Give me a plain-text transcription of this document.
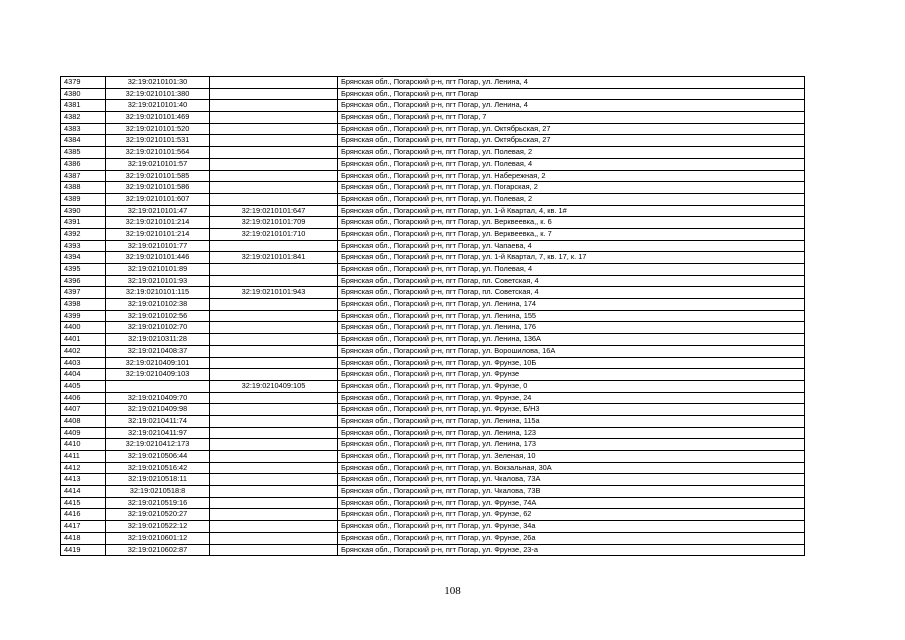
4379	32:19:0210101:30		Брянская обл., Погарский р-н, пгт Погар, ул. Ленина, 4
4380	32:19:0210101:380		Брянская обл., Погарский р-н, пгт Погар
4381	32:19:0210101:40		Брянская обл., Погарский р-н, пгт Погар, ул. Ленина, 4
4382	32:19:0210101:469		Брянская обл., Погарский р-н, пгт Погар, 7
4383	32:19:0210101:520		Брянская обл., Погарский р-н, пгт Погар, ул. Октябрьская, 27
4384	32:19:0210101:531		Брянская обл., Погарский р-н, пгт Погар, ул. Октябрьская, 27
4385	32:19:0210101:564		Брянская обл., Погарский р-н, пгт Погар, ул. Полевая, 2
4386	32:19:0210101:57		Брянская обл., Погарский р-н, пгт Погар, ул. Полевая, 4
4387	32:19:0210101:585		Брянская обл., Погарский р-н, пгт Погар, ул. Набережная, 2
4388	32:19:0210101:586		Брянская обл., Погарский р-н, пгт Погар, ул. Погарская, 2
4389	32:19:0210101:607		Брянская обл., Погарский р-н, пгт Погар, ул. Полевая, 2
4390	32:19:0210101:47	32:19:0210101:647	Брянская обл., Погарский р-н, пгт Погар, ул. 1-й Квартал, 4, кв. 1#
4391	32:19:0210101:214	32:19:0210101:709	Брянская обл., Погарский р-н, пгт Погар, ул. Верквеевка,, к. 6
4392	32:19:0210101:214	32:19:0210101:710	Брянская обл., Погарский р-н, пгт Погар, ул. Верквеевка,, к. 7
4393	32:19:0210101:77		Брянская обл., Погарский р-н, пгт Погар, ул. Чапаева, 4
4394	32:19:0210101:446	32:19:0210101:841	Брянская обл., Погарский р-н, пгт Погар, ул. 1-й Квартал, 7, кв. 17, к. 17
4395	32:19:0210101:89		Брянская обл., Погарский р-н, пгт Погар, ул. Полевая, 4
4396	32:19:0210101:93		Брянская обл., Погарский р-н, пгт Погар, пл. Советская, 4
4397	32:19:0210101:115	32:19:0210101:943	Брянская обл., Погарский р-н, пгт Погар, пл. Советская, 4
4398	32:19:0210102:38		Брянская обл., Погарский р-н, пгт Погар, ул. Ленина, 174
4399	32:19:0210102:56		Брянская обл., Погарский р-н, пгт Погар, ул. Ленина, 155
4400	32:19:0210102:70		Брянская обл., Погарский р-н, пгт Погар, ул. Ленина, 176
4401	32:19:0210311:28		Брянская обл., Погарский р-н, пгт Погар, ул. Ленина, 136А
4402	32:19:0210408:37		Брянская обл., Погарский р-н, пгт Погар, ул. Ворошилова, 16А
4403	32:19:0210409:101		Брянская обл., Погарский р-н, пгт Погар, ул. Фрунзе, 10Б
4404	32:19:0210409:103		Брянская обл., Погарский р-н, пгт Погар, ул. Фрунзе
4405		32:19:0210409:105	Брянская обл., Погарский р-н, пгт Погар, ул. Фрунзе, 0
4406	32:19:0210409:70		Брянская обл., Погарский р-н, пгт Погар, ул. Фрунзе, 24
4407	32:19:0210409:98		Брянская обл., Погарский р-н, пгт Погар, ул. Фрунзе, Б/Н3
4408	32:19:0210411:74		Брянская обл., Погарский р-н, пгт Погар, ул. Ленина, 115а
4409	32:19:0210411:97		Брянская обл., Погарский р-н, пгт Погар, ул. Ленина, 123
4410	32:19:0210412:173		Брянская обл., Погарский р-н, пгт Погар, ул. Ленина, 173
4411	32:19:0210506:44		Брянская обл., Погарский р-н, пгт Погар, ул. Зеленая, 10
4412	32:19:0210516:42		Брянская обл., Погарский р-н, пгт Погар, ул. Вокзальная, 30А
4413	32:19:0210518:11		Брянская обл., Погарский р-н, пгт Погар, ул. Чкалова, 73А
4414	32:19:0210518:8		Брянская обл., Погарский р-н, пгт Погар, ул. Чкалова, 73В
4415	32:19:0210519:16		Брянская обл., Погарский р-н, пгт Погар, ул. Фрунзе, 74А
4416	32:19:0210520:27		Брянская обл., Погарский р-н, пгт Погар, ул. Фрунзе, 62
4417	32:19:0210522:12		Брянская обл., Погарский р-н, пгт Погар, ул. Фрунзе, 34а
4418	32:19:0210601:12		Брянская обл., Погарский р-н, пгт Погар, ул. Фрунзе, 26а
4419	32:19:0210602:87		Брянская обл., Погарский р-н, пгт Погар, ул. Фрунзе, 23-а
108
